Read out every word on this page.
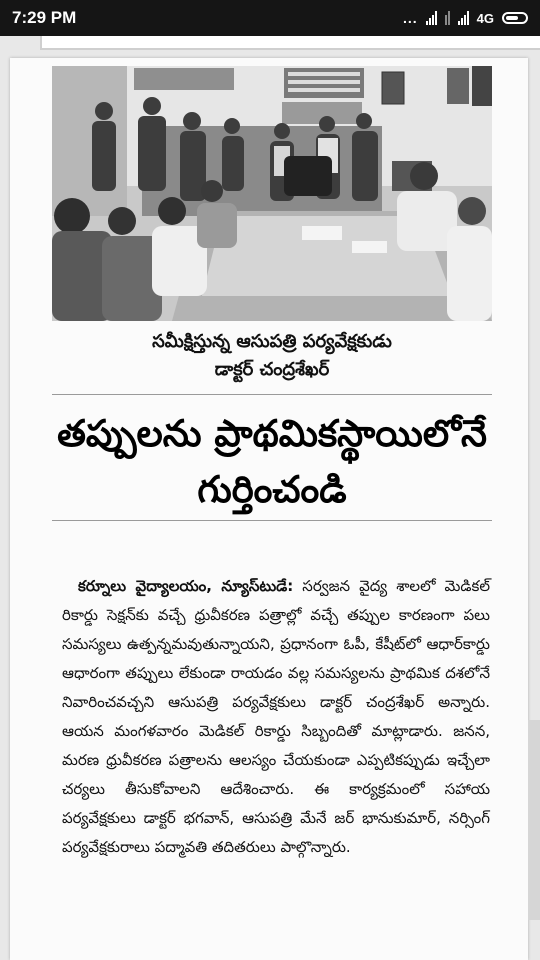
7:29 PM	...	4G
సమీక్షిస్తున్న ఆసుపత్రి పర్యవేక్షకుడు
డాక్టర్ చంద్రశేఖర్
తప్పులను ప్రాథమికస్థాయిలోనే
గుర్తించండి
కర్నూలు వైద్యాలయం, న్యూస్‌టుడే: సర్వజన వైద్య శాలలో మెడికల్ రికార్డు సెక్షన్‌కు వచ్చే ధ్రువీకరణ పత్రాల్లో వచ్చే తప్పుల కారణంగా పలు సమస్యలు ఉత్పన్నమవుతున్నాయని, ప్రధానంగా ఓపీ, కేషీట్‌లో ఆధార్‌కార్డు ఆధారంగా తప్పులు లేకుండా రాయడం వల్ల సమస్యలను ప్రాథమిక దశలోనే నివారించవచ్చని ఆసుపత్రి పర్యవేక్షకులు డాక్టర్ చంద్రశేఖర్ అన్నారు. ఆయన మంగళవారం మెడికల్ రికార్డు సిబ్బందితో మాట్లాడారు. జనన, మరణ ధ్రువీకరణ పత్రాలను ఆలస్యం చేయకుండా ఎప్పటికప్పుడు ఇచ్చేలా చర్యలు తీసుకోవాలని ఆదేశించారు. ఈ కార్యక్రమంలో సహాయ పర్యవేక్షకులు డాక్టర్ భగవాన్, ఆసుపత్రి మేనే జర్ భానుకుమార్, నర్సింగ్ పర్యవేక్షకురాలు పద్మావతి తదితరులు పాల్గొన్నారు.
